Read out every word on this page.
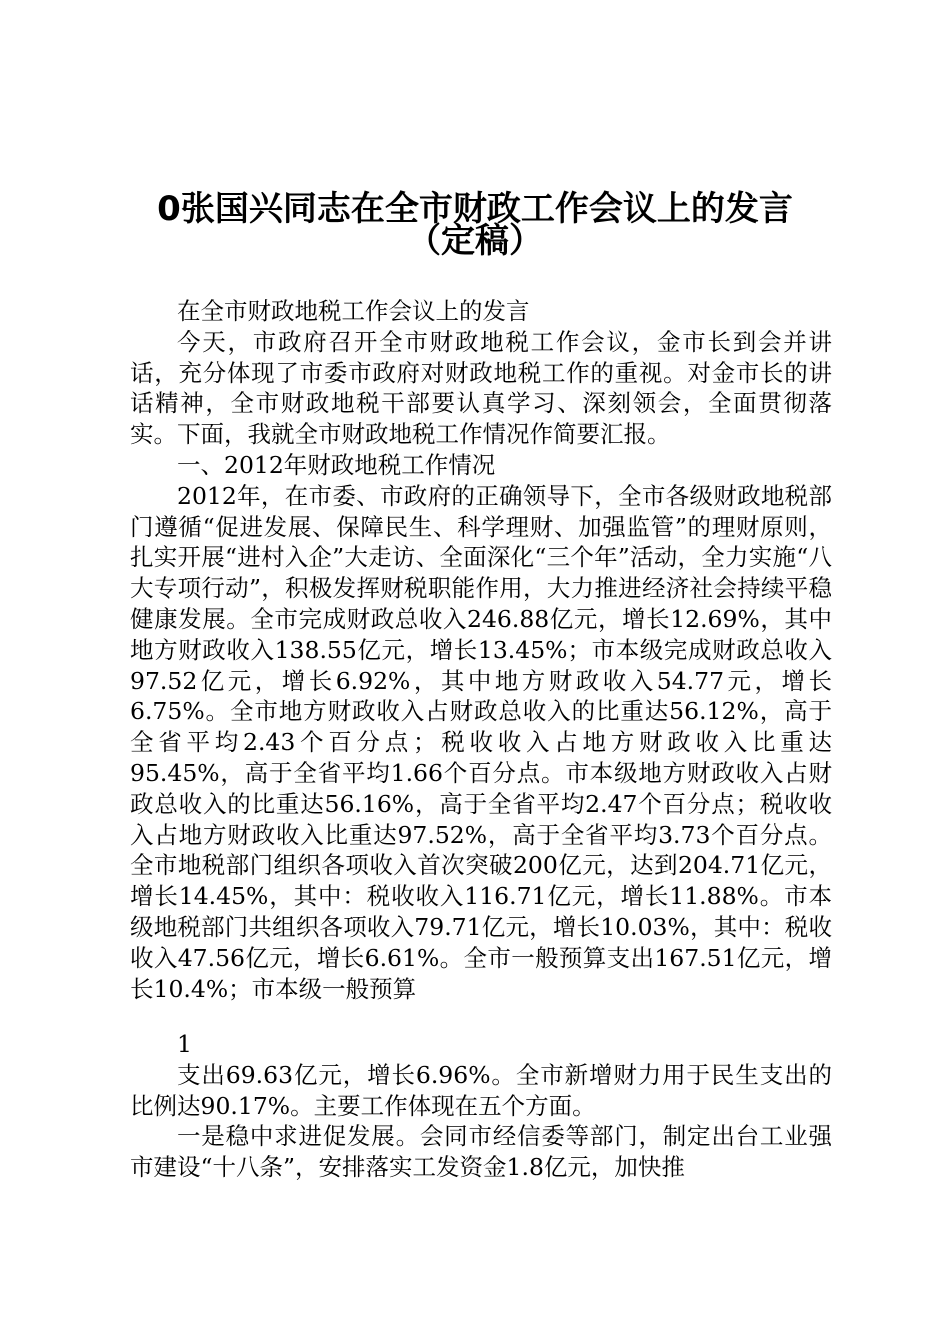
0张国兴同志在全市财政工作会议上的发言
（定稿）

在全市财政地税工作会议上的发言

今天，市政府召开全市财政地税工作会议，金市长到会并讲话，充分体现了市委市政府对财政地税工作的重视。对金市长的讲话精神，全市财政地税干部要认真学习、深刻领会，全面贯彻落实。下面，我就全市财政地税工作情况作简要汇报。

一、2012年财政地税工作情况

2012年，在市委、市政府的正确领导下，全市各级财政地税部门遵循“促进发展、保障民生、科学理财、加强监管”的理财原则，扎实开展“进村入企”大走访、全面深化“三个年”活动，全力实施“八大专项行动”，积极发挥财税职能作用，大力推进经济社会持续平稳健康发展。全市完成财政总收入246.88亿元，增长12.69%，其中地方财政收入138.55亿元，增长13.45%；市本级完成财政总收入97.52亿元，增长6.92%，其中地方财政收入54.77元，增长6.75%。全市地方财政收入占财政总收入的比重达56.12%，高于全省平均2.43个百分点；税收收入占地方财政收入比重达95.45%，高于全省平均1.66个百分点。市本级地方财政收入占财政总收入的比重达56.16%，高于全省平均2.47个百分点；税收收入占地方财政收入比重达97.52%，高于全省平均3.73个百分点。全市地税部门组织各项收入首次突破200亿元，达到204.71亿元，增长14.45%，其中：税收收入116.71亿元，增长11.88%。市本级地税部门共组织各项收入79.71亿元，增长10.03%，其中：税收收入47.56亿元，增长6.61%。全市一般预算支出167.51亿元，增长10.4%；市本级一般预算

1

支出69.63亿元，增长6.96%。全市新增财力用于民生支出的比例达90.17%。主要工作体现在五个方面。

一是稳中求进促发展。会同市经信委等部门，制定出台工业强市建设“十八条”，安排落实工发资金1.8亿元，加快推
